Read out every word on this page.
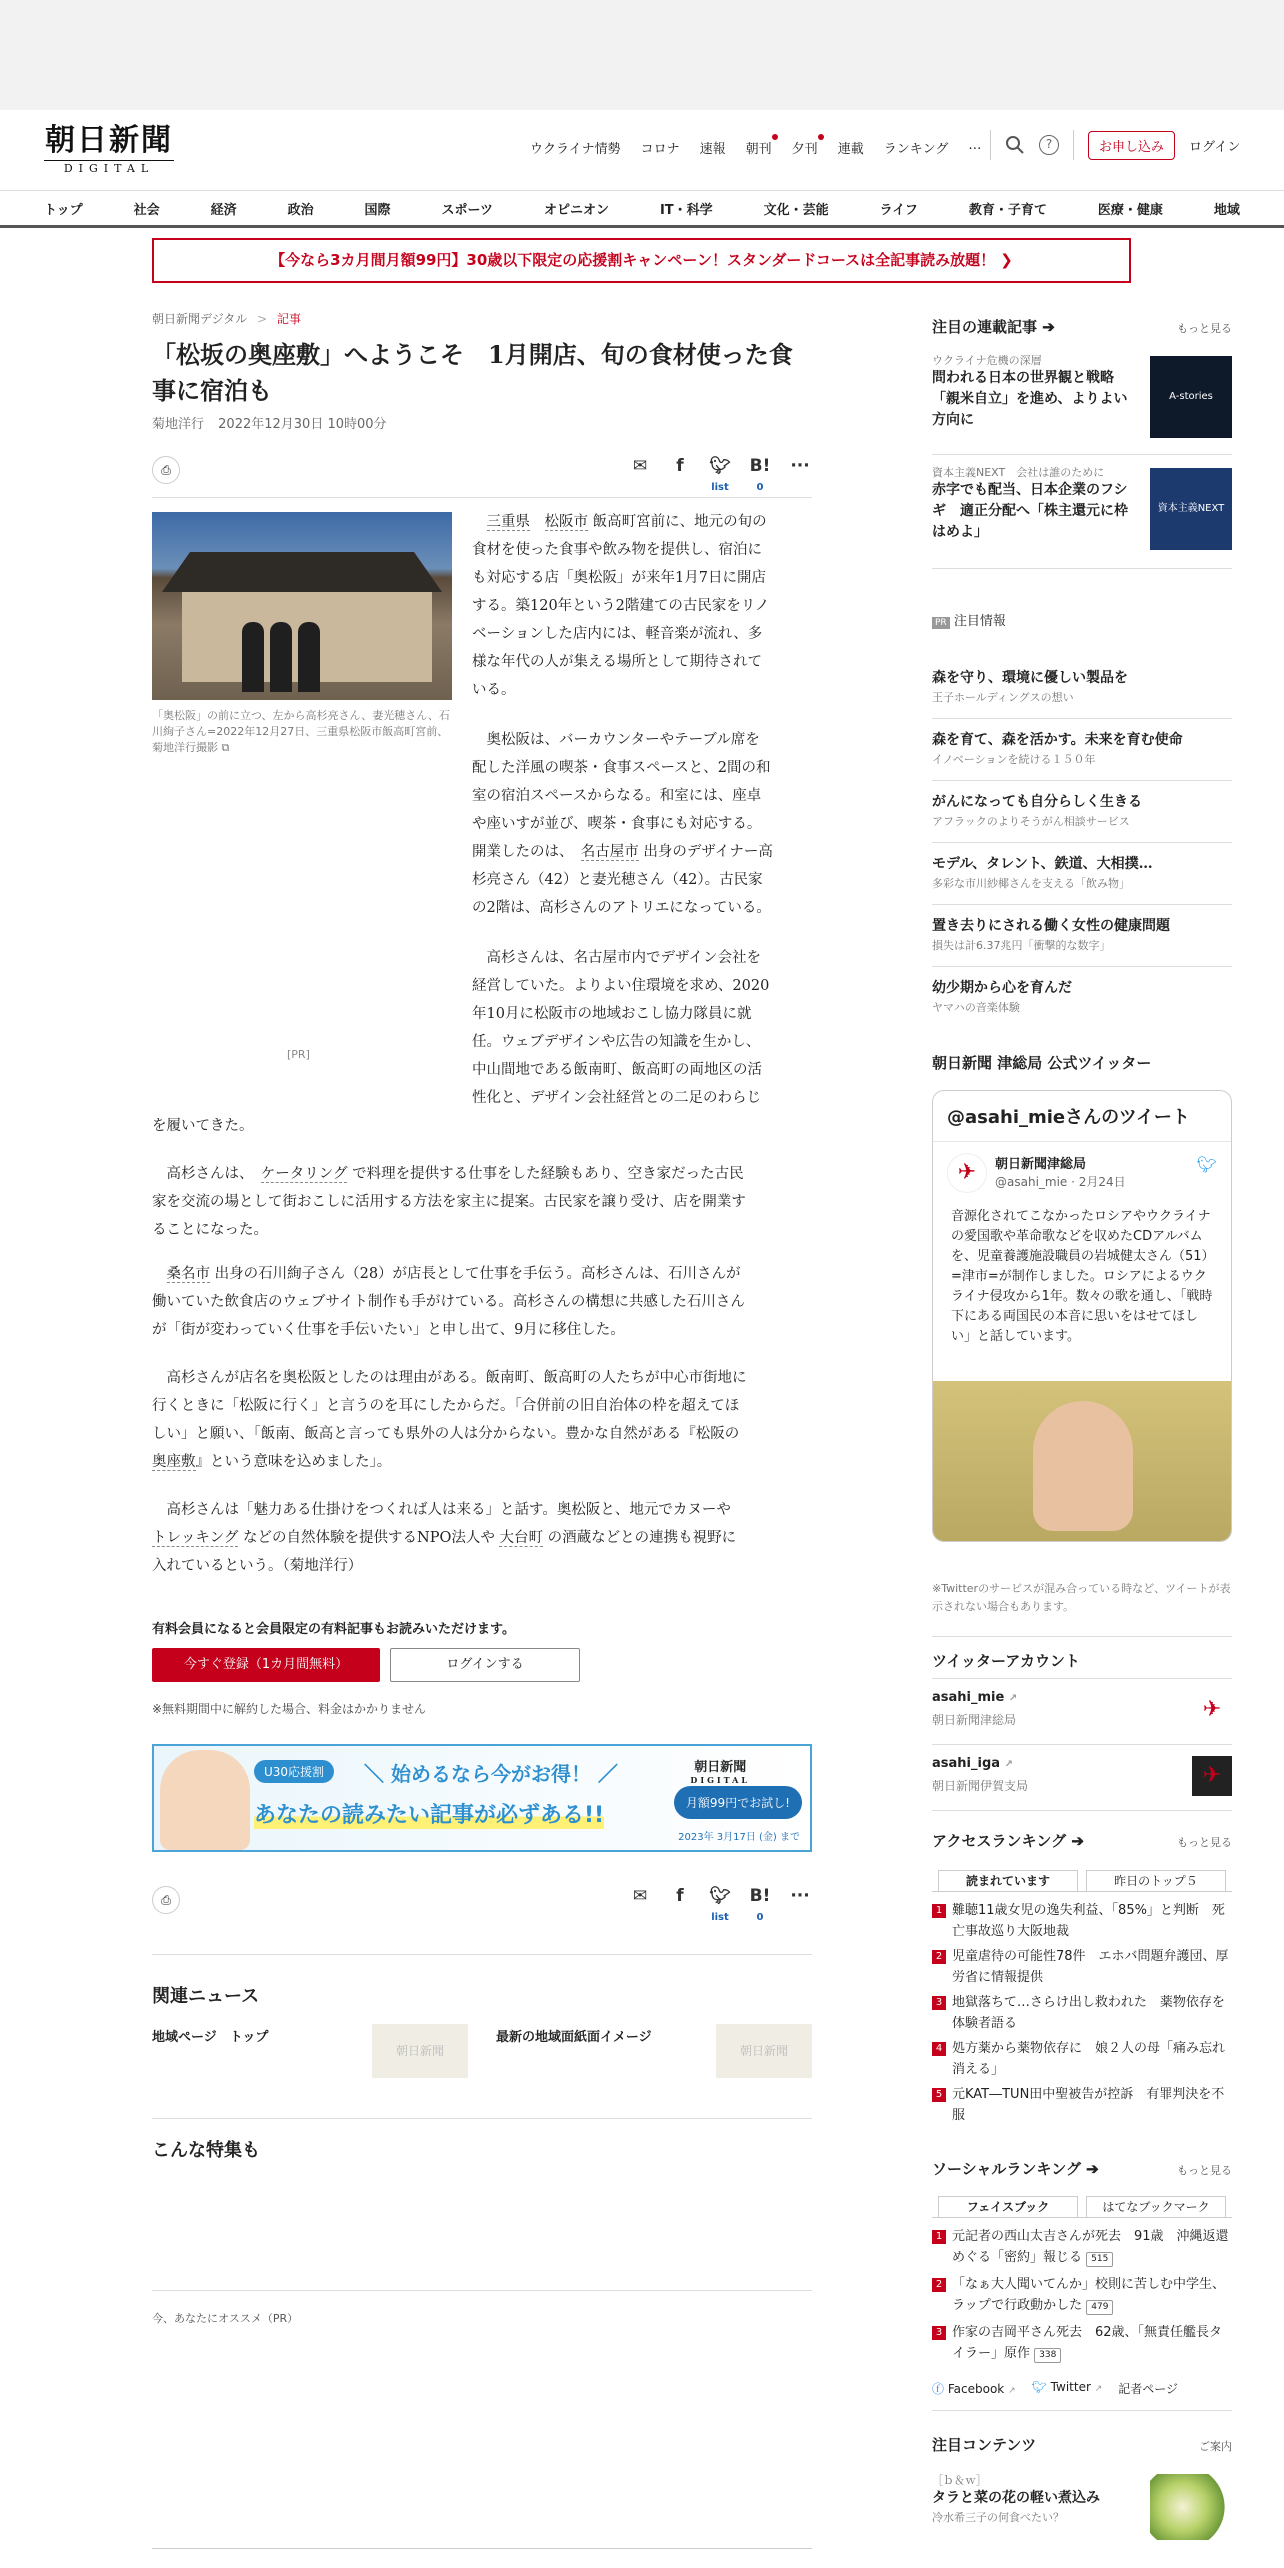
朝日新聞
DIGITAL
ウクライナ情勢 コロナ 速報 朝刊 夕刊 連載 ランキング …	?	お申し込み	ログイン
トップ	社会	経済	政治	国際	スポーツ	オピニオン	IT・科学	文化・芸能	ライフ	教育・子育て	医療・健康	地域
【今なら3カ月間月額99円】30歳以下限定の応援割キャンペーン！スタンダードコースは全記事読み放題！ ❯
朝日新聞デジタル > 記事
「松坂の奥座敷」へようこそ　1月開店、旬の食材使った食事に宿泊も
菊地洋行 2022年12月30日 10時00分
⎙	✉	f	🐦︎
list
B!
0
···
「奥松阪」の前に立つ、左から高杉亮さん、妻光穂さん、石川絢子さん=2022年12月27日、三重県松阪市飯高町宮前、菊地洋行撮影 ⧉
[PR]
　三重県　 松阪市 飯高町宮前に、地元の旬の
食材を使った食事や飲み物を提供し、宿泊に
も対応する店「奥松阪」が来年1月7日に開店
する。築120年という2階建ての古民家をリノ
ベーションした店内には、軽音楽が流れ、多
様な年代の人が集える場所として期待されて
いる。
　奥松阪は、バーカウンターやテーブル席を
配した洋風の喫茶・食事スペースと、2間の和
室の宿泊スペースからなる。和室には、座卓
や座いすが並び、喫茶・食事にも対応する。
開業したのは、　 名古屋市 出身のデザイナー高
杉亮さん（42）と妻光穂さん（42）。古民家
の2階は、高杉さんのアトリエになっている。
　高杉さんは、名古屋市内でデザイン会社を
経営していた。よりよい住環境を求め、2020
年10月に松阪市の地域おこし協力隊員に就
任。ウェブデザインや広告の知識を生かし、
中山間地である飯南町、飯高町の両地区の活
性化と、デザイン会社経営との二足のわらじ
を履いてきた。
　高杉さんは、　 ケータリング で料理を提供する仕事をした経験もあり、空き家だった古民
家を交流の場として街おこしに活用する方法を家主に提案。古民家を譲り受け、店を開業す
ることになった。
　桑名市 出身の石川絢子さん（28）が店長として仕事を手伝う。高杉さんは、石川さんが
働いていた飲食店のウェブサイト制作も手がけている。高杉さんの構想に共感した石川さん
が「街が変わっていく仕事を手伝いたい」と申し出て、9月に移住した。
　高杉さんが店名を奥松阪としたのは理由がある。飯南町、飯高町の人たちが中心市街地に
行くときに「松阪に行く」と言うのを耳にしたからだ。「合併前の旧自治体の枠を超えてほ
しい」と願い、「飯南、飯高と言っても県外の人は分からない。豊かな自然がある『松阪の
奥座敷』という意味を込めました」。
　高杉さんは「魅力ある仕掛けをつくれば人は来る」と話す。奥松阪と、地元でカヌーや
トレッキング などの自然体験を提供するNPO法人や 大台町 の酒蔵などとの連携も視野に
入れているという。（菊地洋行）
有料会員になると会員限定の有料記事もお読みいただけます。
今すぐ登録（1カ月間無料）	ログインする
※無料期間中に解約した場合、料金はかかりません
U30応援割	＼ 始めるなら今がお得！ ／
あなたの読みたい記事が必ずある!!
朝日新聞
DIGITAL
月額99円でお試し!
2023年 3月17日 (金) まで
⎙	✉	f	🐦︎
list
B!
0
···
関連ニュース
地域ページ　トップ
朝日新聞
最新の地域面紙面イメージ
朝日新聞
こんな特集も
今、あなたにオススメ（PR）
注目の連載記事 ➔	もっと見る
ウクライナ危機の深層
問われる日本の世界観と戦略「親米自立」を進め、よりよい方向に
A-stories
資本主義NEXT　会社は誰のために
赤字でも配当、日本企業のフシギ　適正分配へ「株主還元に枠はめよ」
資本主義NEXT
PR 注目情報
森を守り、環境に優しい製品を
王子ホールディングスの想い
森を育て、森を活かす。未来を育む使命
イノベーションを続ける１５０年
がんになっても自分らしく生きる
アフラックのよりそうがん相談サービス
モデル、タレント、鉄道、大相撲…
多彩な市川紗椰さんを支える「飲み物」
置き去りにされる働く女性の健康問題
損失は計6.37兆円「衝撃的な数字」
幼少期から心を育んだ
ヤマハの音楽体験
朝日新聞 津総局 公式ツイッター
@asahi_mieさんのツイート
✈	朝日新聞津総局
@asahi_mie · 2月24日
🐦︎
音源化されてこなかったロシアやウクライナの愛国歌や革命歌などを収めたCDアルバムを、児童養護施設職員の岩城健太さん（51）=津市=が制作しました。ロシアによるウクライナ侵攻から1年。数々の歌を通し、「戦時下にある両国民の本音に思いをはせてほしい」と話しています。
※Twitterのサービスが混み合っている時など、ツイートが表示されない場合もあります。
ツイッターアカウント
asahi_mie ↗
朝日新聞津総局	✈
asahi_iga ↗
朝日新聞伊賀支局	✈
アクセスランキング ➔	もっと見る
読まれています	昨日のトップ５
1 難聴11歳女児の逸失利益、「85%」と判断　死亡事故巡り大阪地裁
2 児童虐待の可能性78件　エホバ問題弁護団、厚労省に情報提供
3 地獄落ちて…さらけ出し救われた　薬物依存を体験者語る
4 処方薬から薬物依存に　娘２人の母「痛み忘れ消える」
5 元KAT―TUN田中聖被告が控訴　有罪判決を不服
ソーシャルランキング ➔	もっと見る
フェイスブック	はてなブックマーク
1 元記者の西山太吉さんが死去　91歳　沖縄返還めぐる「密約」報じる 515
2 「なぁ大人聞いてんか」校則に苦しむ中学生、ラップで行政動かした 479
3 作家の吉岡平さん死去　62歳、「無責任艦長タイラー」原作 338
ⓕ Facebook ↗ 🐦︎ Twitter ↗ 記者ページ
注目コンテンツ	ご案内
［ｂ＆ｗ］
タラと菜の花の軽い煮込み
冷水希三子の何食べたい？
